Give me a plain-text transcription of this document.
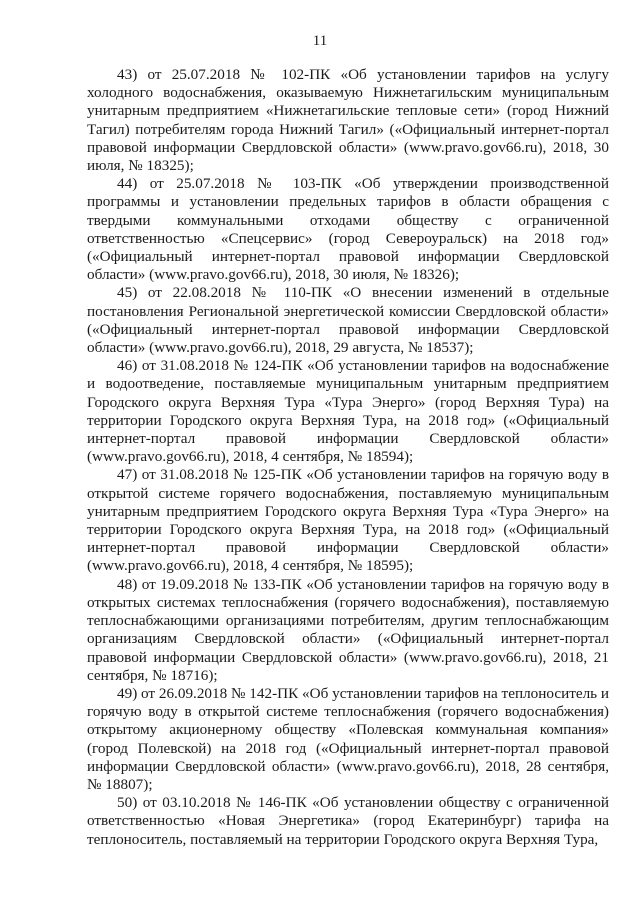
11

43) от 25.07.2018 № 102-ПК «Об установлении тарифов на услугу холодного водоснабжения, оказываемую Нижнетагильским муниципальным унитарным предприятием «Нижнетагильские тепловые сети» (город Нижний Тагил) потребителям города Нижний Тагил» («Официальный интернет-портал правовой информации Свердловской области» (www.pravo.gov66.ru), 2018, 30 июля, № 18325);

44) от 25.07.2018 № 103-ПК «Об утверждении производственной программы и установлении предельных тарифов в области обращения с твердыми коммунальными отходами обществу с ограниченной ответственностью «Спецсервис» (город Североуральск) на 2018 год» («Официальный интернет-портал правовой информации Свердловской области» (www.pravo.gov66.ru), 2018, 30 июля, № 18326);

45) от 22.08.2018 № 110-ПК «О внесении изменений в отдельные постановления Региональной энергетической комиссии Свердловской области» («Официальный интернет-портал правовой информации Свердловской области» (www.pravo.gov66.ru), 2018, 29 августа, № 18537);

46) от 31.08.2018 № 124-ПК «Об установлении тарифов на водоснабжение и водоотведение, поставляемые муниципальным унитарным предприятием Городского округа Верхняя Тура «Тура Энерго» (город Верхняя Тура) на территории Городского округа Верхняя Тура, на 2018 год» («Официальный интернет-портал правовой информации Свердловской области» (www.pravo.gov66.ru), 2018, 4 сентября, № 18594);

47) от 31.08.2018 № 125-ПК «Об установлении тарифов на горячую воду в открытой системе горячего водоснабжения, поставляемую муниципальным унитарным предприятием Городского округа Верхняя Тура «Тура Энерго» на территории Городского округа Верхняя Тура, на 2018 год» («Официальный интернет-портал правовой информации Свердловской области» (www.pravo.gov66.ru), 2018, 4 сентября, № 18595);

48) от 19.09.2018 № 133-ПК «Об установлении тарифов на горячую воду в открытых системах теплоснабжения (горячего водоснабжения), поставляемую теплоснабжающими организациями потребителям, другим теплоснабжающим организациям Свердловской области» («Официальный интернет-портал правовой информации Свердловской области» (www.pravo.gov66.ru), 2018, 21 сентября, № 18716);

49) от 26.09.2018 № 142-ПК «Об установлении тарифов на теплоноситель и горячую воду в открытой системе теплоснабжения (горячего водоснабжения) открытому акционерному обществу «Полевская коммунальная компания» (город Полевской) на 2018 год («Официальный интернет-портал правовой информации Свердловской области» (www.pravo.gov66.ru), 2018, 28 сентября, № 18807);

50) от 03.10.2018 № 146-ПК «Об установлении обществу с ограниченной ответственностью «Новая Энергетика» (город Екатеринбург) тарифа на теплоноситель, поставляемый на территории Городского округа Верхняя Тура,
